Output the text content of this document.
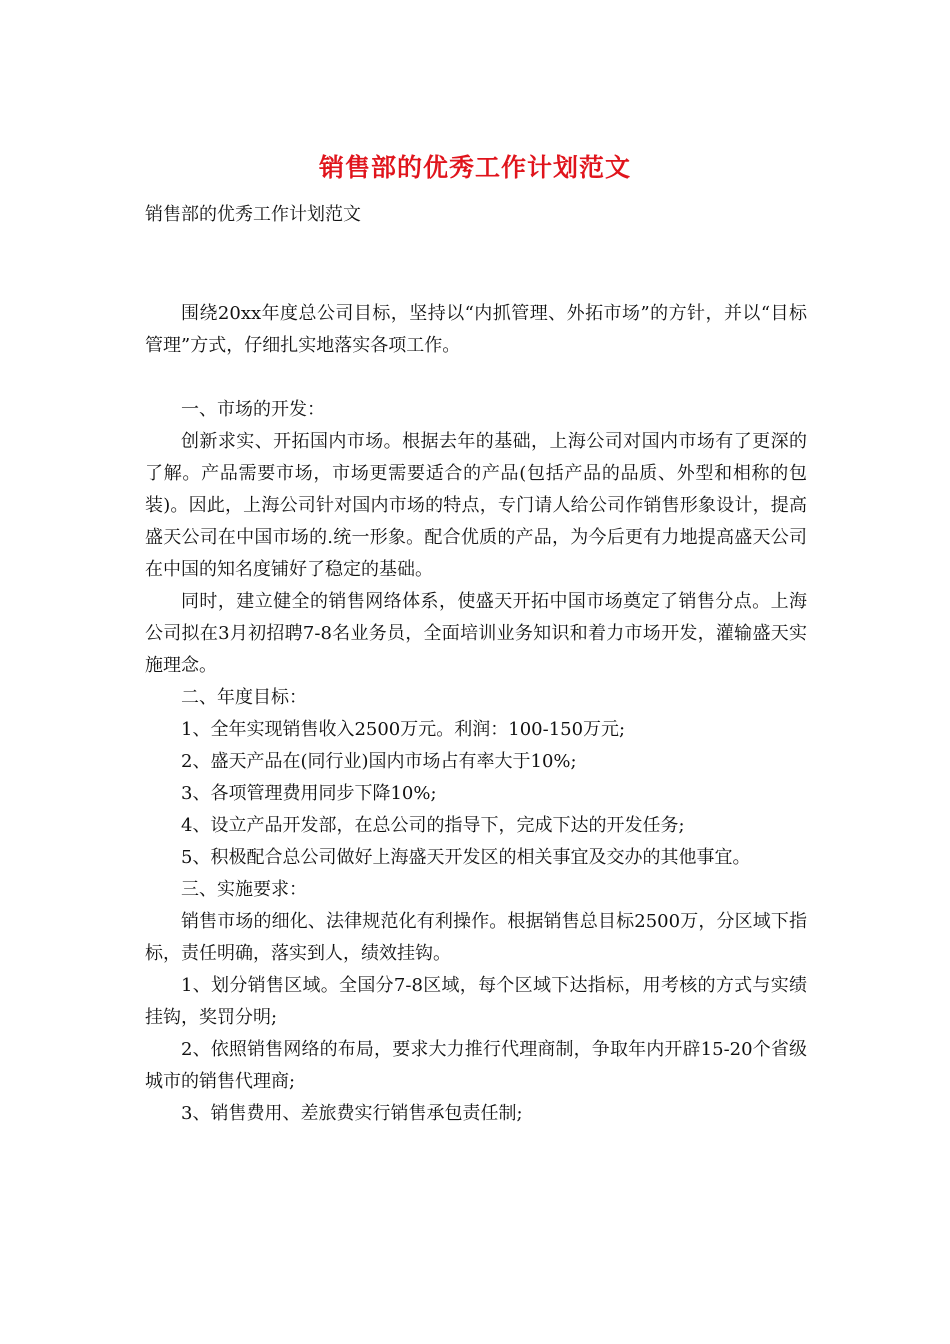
销售部的优秀工作计划范文

销售部的优秀工作计划范文

围绕20xx年度总公司目标，坚持以“内抓管理、外拓市场”的方针，并以“目标管理”方式，仔细扎实地落实各项工作。

一、市场的开发：

创新求实、开拓国内市场。根据去年的基础，上海公司对国内市场有了更深的了解。产品需要市场，市场更需要适合的产品(包括产品的品质、外型和相称的包装)。因此，上海公司针对国内市场的特点，专门请人给公司作销售形象设计，提高盛天公司在中国市场的.统一形象。配合优质的产品，为今后更有力地提高盛天公司在中国的知名度铺好了稳定的基础。

同时，建立健全的销售网络体系，使盛天开拓中国市场奠定了销售分点。上海公司拟在3月初招聘7-8名业务员，全面培训业务知识和着力市场开发，灌输盛天实施理念。

二、年度目标：

1、全年实现销售收入2500万元。利润：100-150万元;

2、盛天产品在(同行业)国内市场占有率大于10%;

3、各项管理费用同步下降10%;

4、设立产品开发部，在总公司的指导下，完成下达的开发任务;

5、积极配合总公司做好上海盛天开发区的相关事宜及交办的其他事宜。

三、实施要求：

销售市场的细化、法律规范化有利操作。根据销售总目标2500万，分区域下指标，责任明确，落实到人，绩效挂钩。

1、划分销售区域。全国分7-8区域，每个区域下达指标，用考核的方式与实绩挂钩，奖罚分明;

2、依照销售网络的布局，要求大力推行代理商制，争取年内开辟15-20个省级城市的销售代理商;

3、销售费用、差旅费实行销售承包责任制;
